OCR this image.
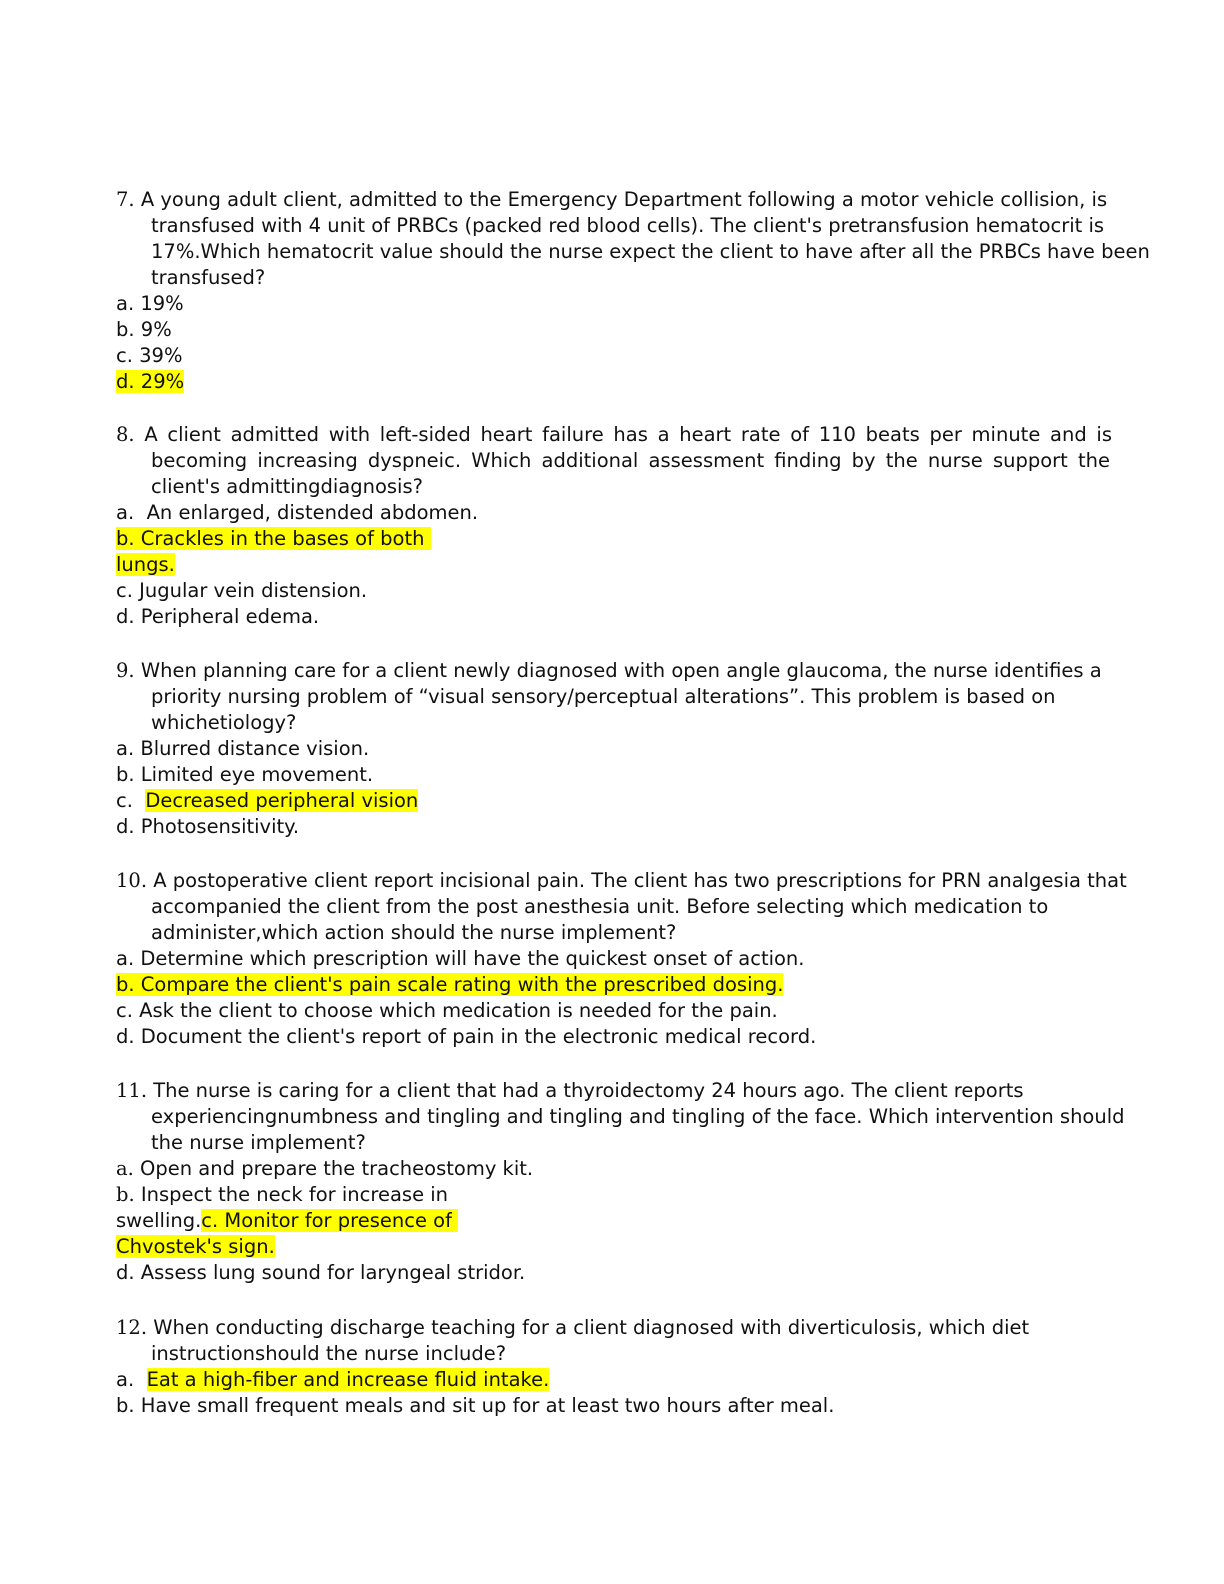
7. A young adult client, admitted to the Emergency Department following a motor vehicle collision, is
transfused with 4 unit of PRBCs (packed red blood cells). The client's pretransfusion hematocrit is
17%.Which hematocrit value should the nurse expect the client to have after all the PRBCs have been
transfused?
a. 19%
b. 9%
c. 39%
d. 29%
8. A client admitted with left-sided heart failure has a heart rate of 110 beats per minute and is
becoming increasing dyspneic. Which additional assessment finding by the nurse support the
client's admittingdiagnosis?
a. An enlarged, distended abdomen.
b. Crackles in the bases of both
lungs.
c. Jugular vein distension.
d. Peripheral edema.
9. When planning care for a client newly diagnosed with open angle glaucoma, the nurse identifies a
priority nursing problem of “visual sensory/perceptual alterations”. This problem is based on
whichetiology?
a. Blurred distance vision.
b. Limited eye movement.
c. Decreased peripheral vision
d. Photosensitivity.
10. A postoperative client report incisional pain. The client has two prescriptions for PRN analgesia that
accompanied the client from the post anesthesia unit. Before selecting which medication to
administer,which action should the nurse implement?
a. Determine which prescription will have the quickest onset of action.
b. Compare the client's pain scale rating with the prescribed dosing.
c. Ask the client to choose which medication is needed for the pain.
d. Document the client's report of pain in the electronic medical record.
11. The nurse is caring for a client that had a thyroidectomy 24 hours ago. The client reports
experiencingnumbness and tingling and tingling and tingling of the face. Which intervention should
the nurse implement?
a. Open and prepare the tracheostomy kit.
b. Inspect the neck for increase in
swelling.c. Monitor for presence of
Chvostek's sign.
d. Assess lung sound for laryngeal stridor.
12. When conducting discharge teaching for a client diagnosed with diverticulosis, which diet
instructionshould the nurse include?
a. Eat a high-fiber and increase fluid intake.
b. Have small frequent meals and sit up for at least two hours after meal.
